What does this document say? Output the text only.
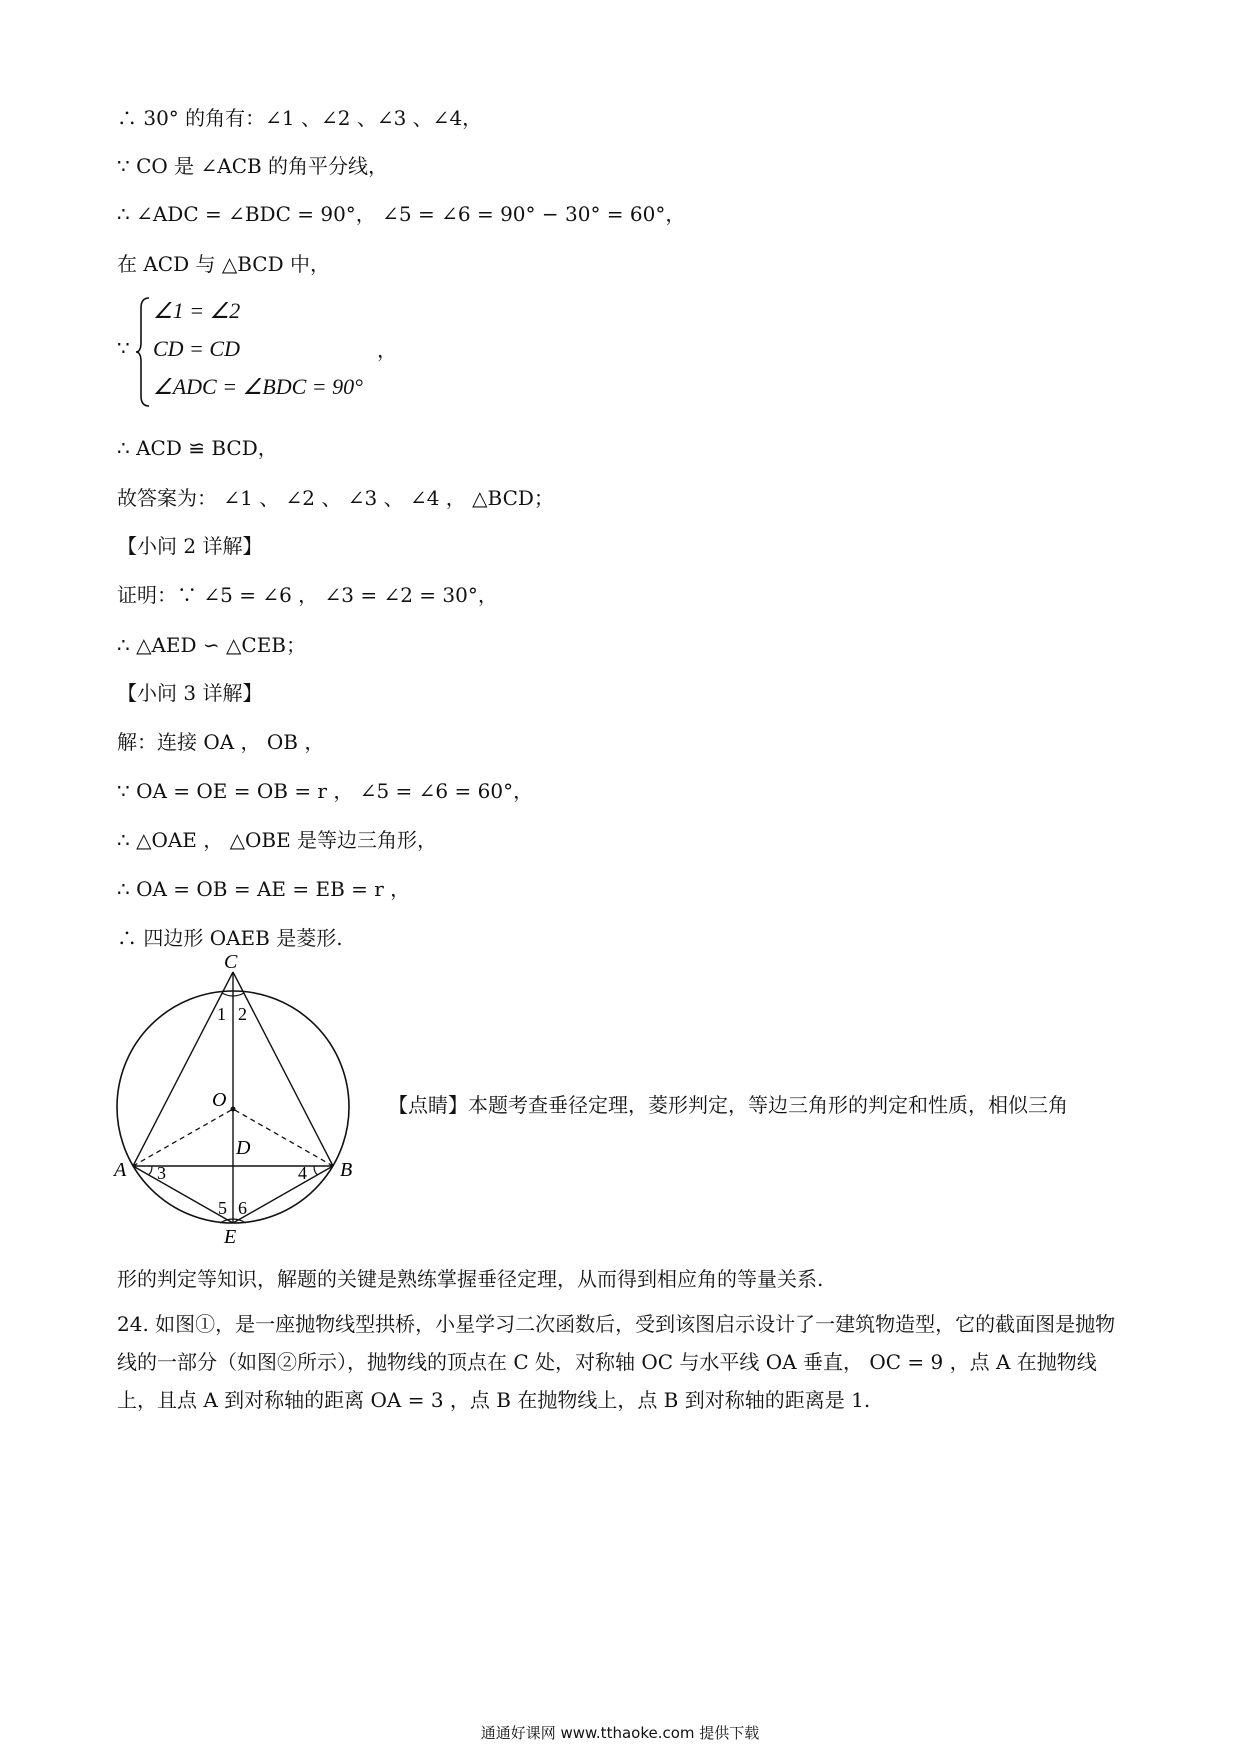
∴ 30° 的角有：∠1 、∠2 、∠3 、∠4，
∵ CO 是 ∠ACB 的角平分线，
∴ ∠ADC = ∠BDC = 90°， ∠5 = ∠6 = 90° − 30° = 60°，
在 ACD 与 △BCD 中，
∵
∠1 = ∠2
CD = CD
∠ADC = ∠BDC = 90°
，
∴ ACD ≌ BCD，
故答案为： ∠1 、 ∠2 、 ∠3 、 ∠4 ， △BCD；
【小问 2 详解】
证明：∵ ∠5 = ∠6 ， ∠3 = ∠2 = 30°，
∴ △AED ∽ △CEB；
【小问 3 详解】
解：连接 OA ， OB ，
∵ OA = OE = OB = r ， ∠5 = ∠6 = 60°，
∴ △OAE ， △OBE 是等边三角形，
∴ OA = OB = AE = EB = r ，
∴ 四边形 OAEB 是菱形.
C
O
D
A	B
E
1 2
3	4
5 6
【点睛】本题考查垂径定理，菱形判定，等边三角形的判定和性质，相似三角
形的判定等知识，解题的关键是熟练掌握垂径定理，从而得到相应角的等量关系.
24. 如图①，是一座抛物线型拱桥，小星学习二次函数后，受到该图启示设计了一建筑物造型，它的截面图是抛物线的一部分（如图②所示），抛物线的顶点在 C 处，对称轴 OC 与水平线 OA 垂直， OC = 9 ，点 A 在抛物线上，且点 A 到对称轴的距离 OA = 3 ，点 B 在抛物线上，点 B 到对称轴的距离是 1.
通通好课网 www.tthaoke.com 提供下载
